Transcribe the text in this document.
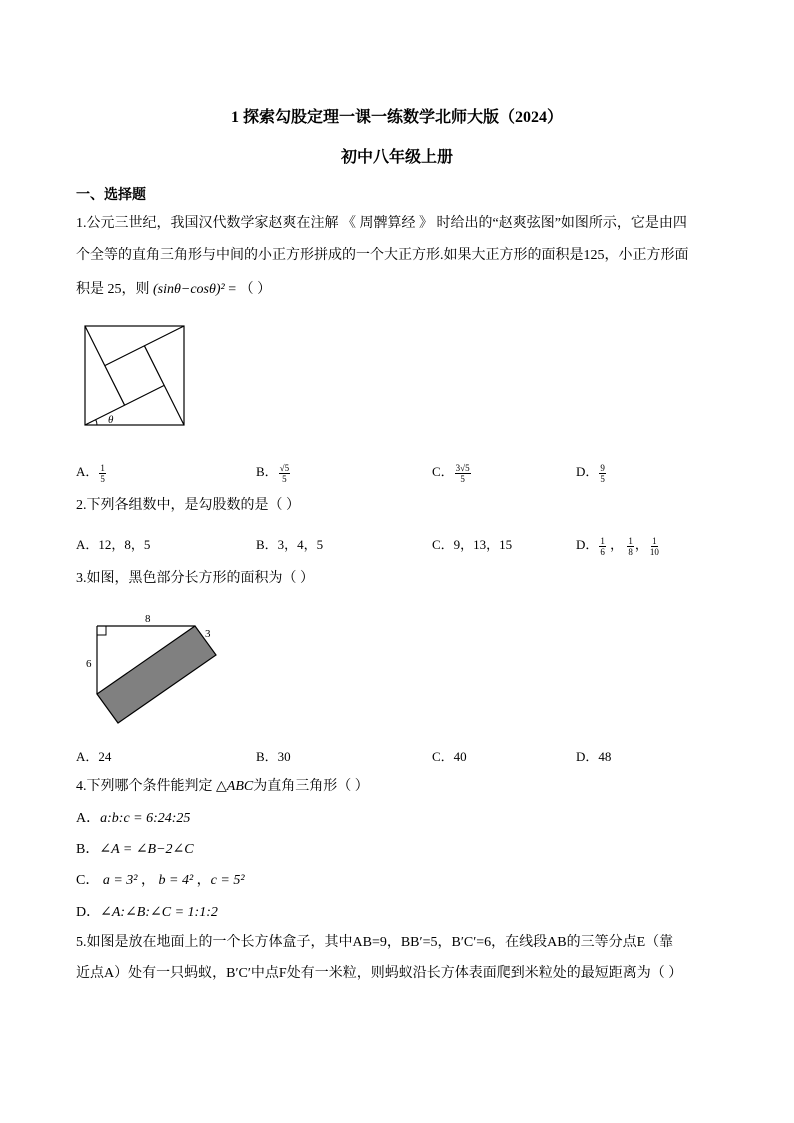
1 探索勾股定理一课一练数学北师大版（2024）
初中八年级上册
一、选择题
1.公元三世纪，我国汉代数学家赵爽在注解 《 周髀算经 》 时给出的“赵爽弦图”如图所示，它是由四
个全等的直角三角形与中间的小正方形拼成的一个大正方形.如果大正方形的面积是125，小正方形面
积是 25，则 (sinθ−cosθ)² = （ ）
θ
A． $\frac{1}{5}$	B． $\frac{√5}{5}$	C． $\frac{3√5}{5}$	D． $\frac{9}{5}$
2.下列各组数中，是勾股数的是（ ）
A．12，8，5	B．3，4，5	C．9，13，15	D． $\frac{1}{6}$ ， $\frac{1}{8}$ ， $\frac{1}{10}$
3.如图，黑色部分长方形的面积为（ ）
8
6
3
A．24	B．30	C．40	D．48
4.下列哪个条件能判定 △ABC为直角三角形（ ）
A．a:b:c = 6:24:25
B．∠A = ∠B−2∠C
C． a = 3² ， b = 4² ，c = 5²
D．∠A:∠B:∠C = 1:1:2
5.如图是放在地面上的一个长方体盒子，其中AB=9，BB′=5，B′C′=6，在线段AB的三等分点E（靠
近点A）处有一只蚂蚁，B′C′中点F处有一米粒，则蚂蚁沿长方体表面爬到米粒处的最短距离为（ ）
